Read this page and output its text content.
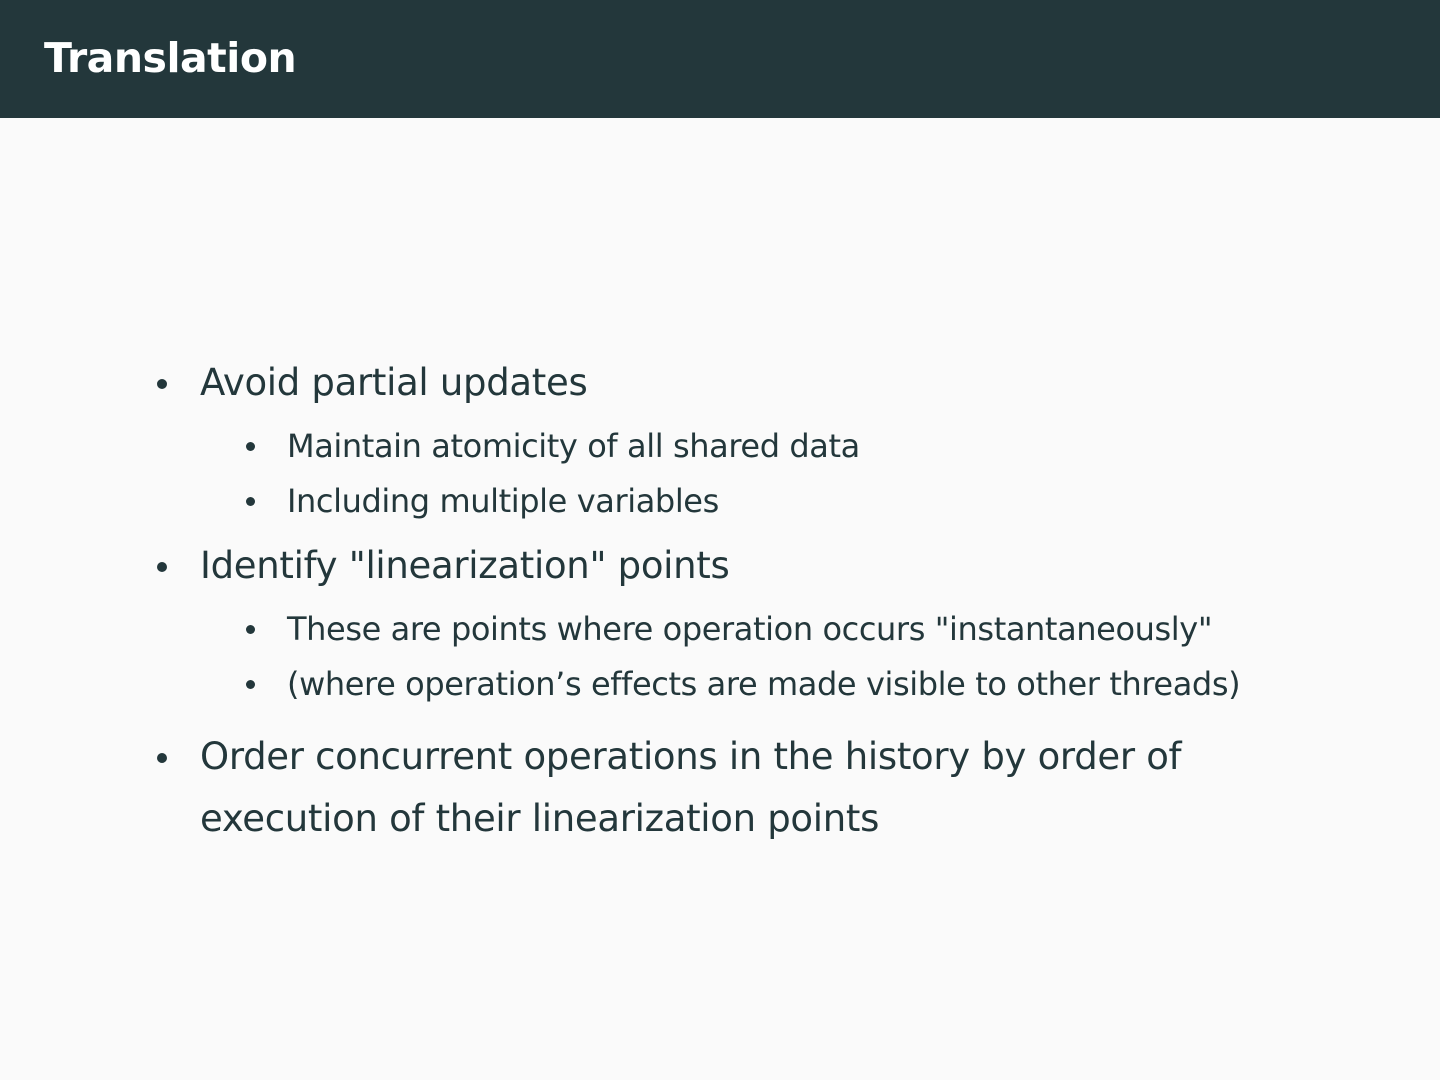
Translation
Avoid partial updates
Maintain atomicity of all shared data
Including multiple variables
Identify "linearization" points
These are points where operation occurs "instantaneously"
(where operation’s effects are made visible to other threads)
Order concurrent operations in the history by order of execution of their linearization points
